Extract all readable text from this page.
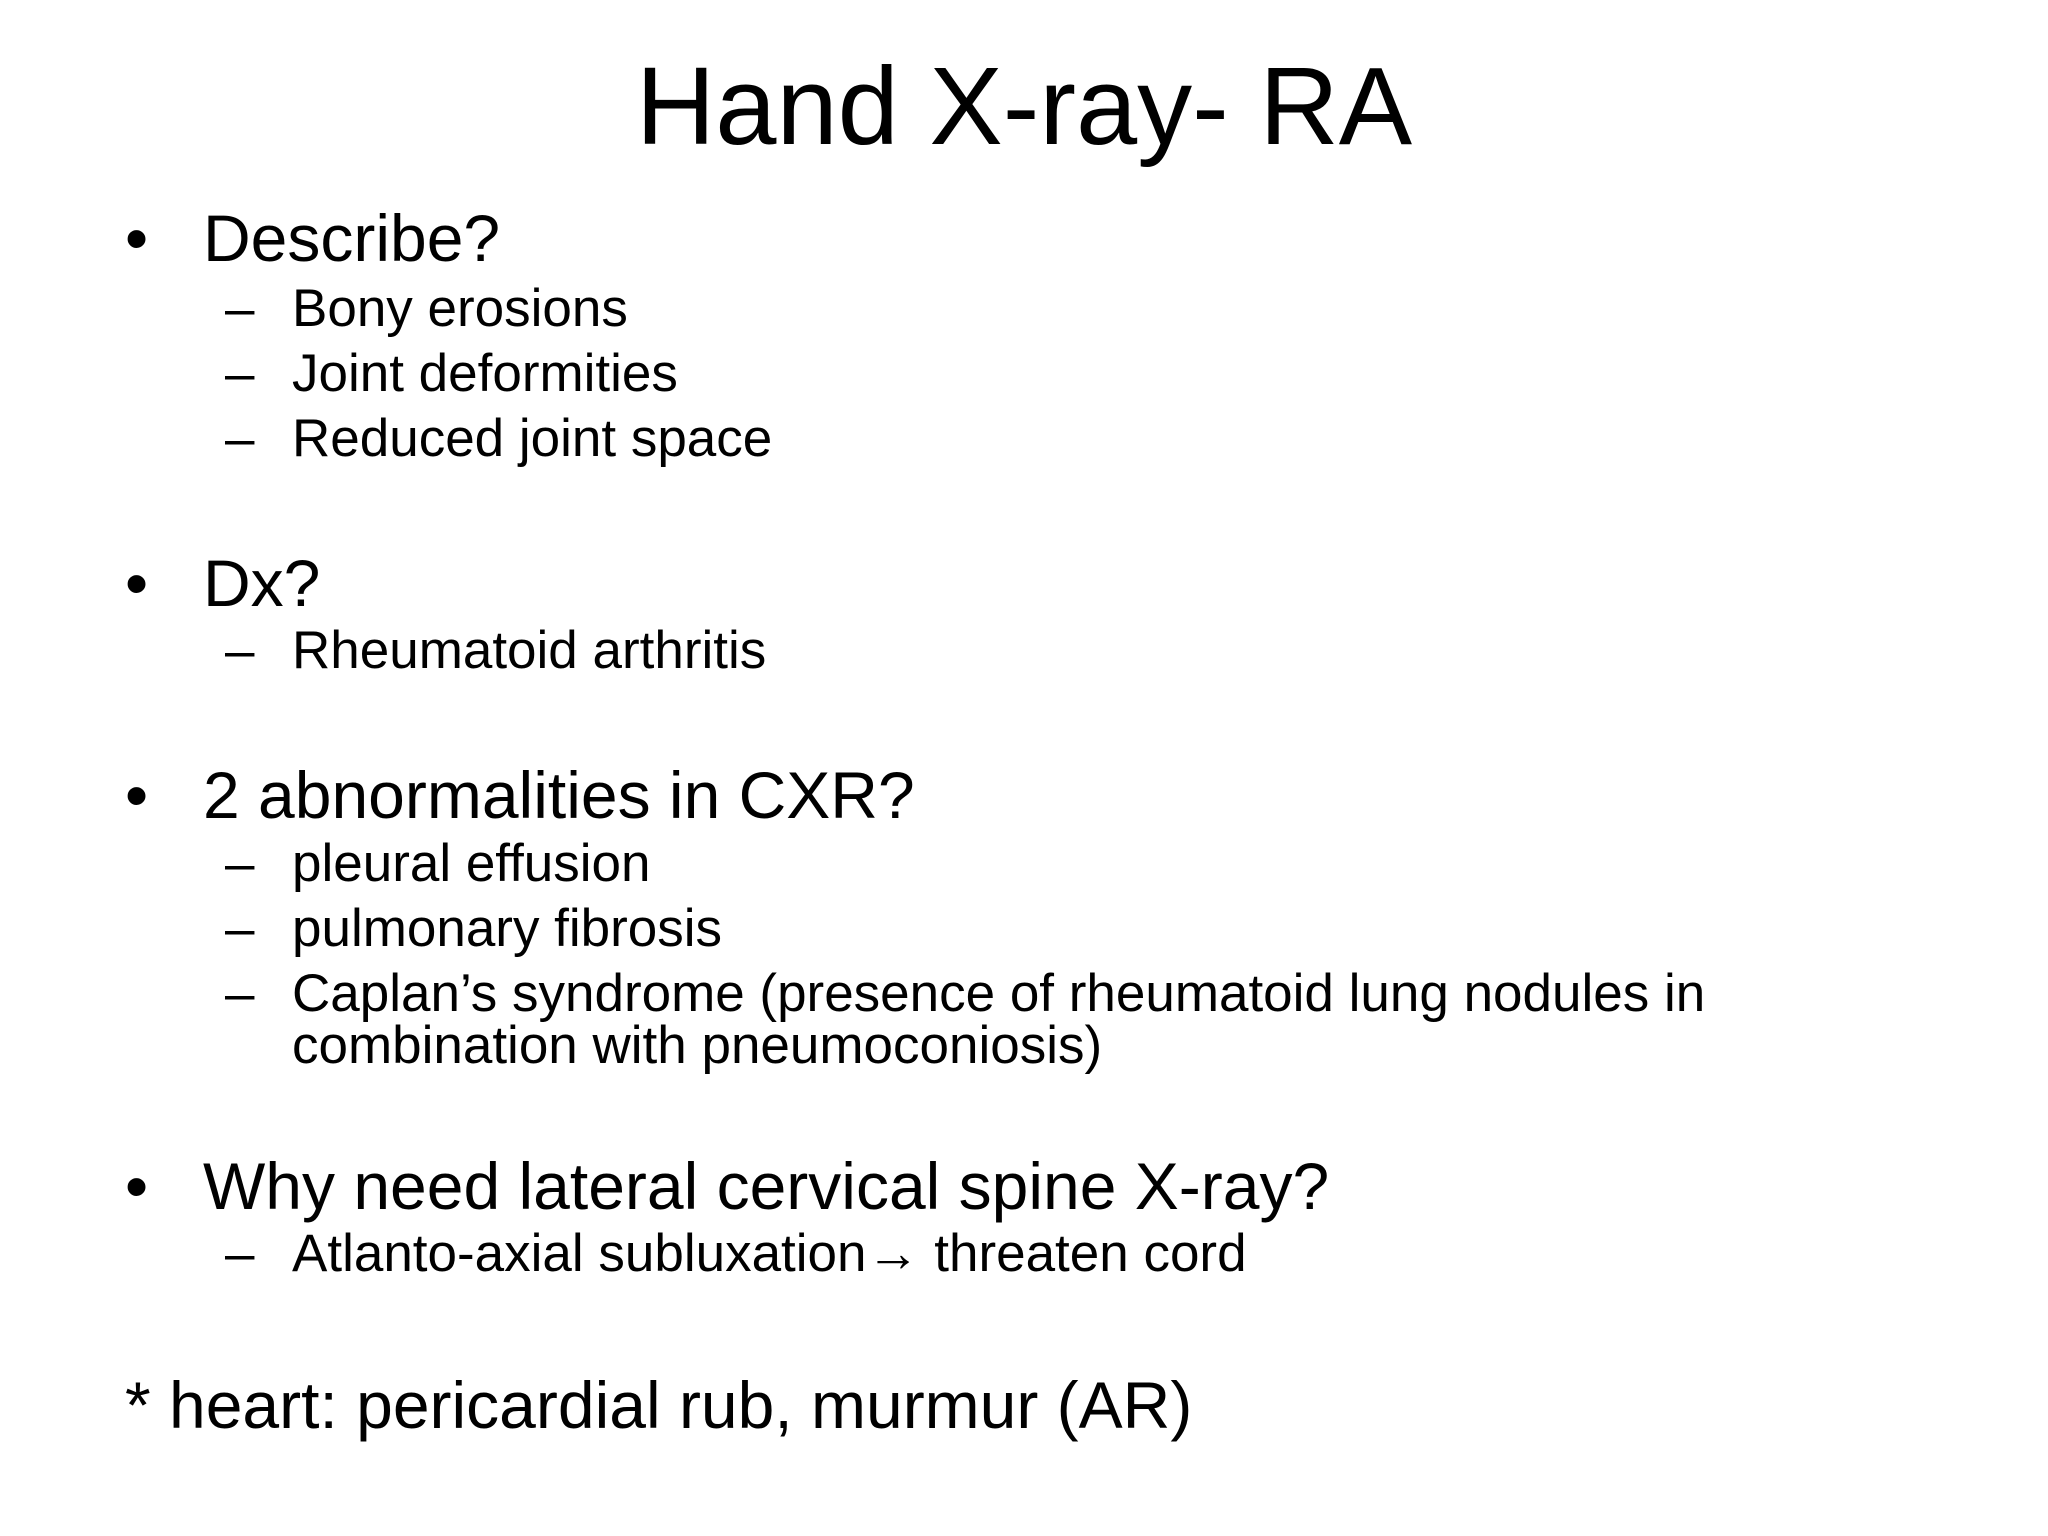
Hand X-ray- RA
• Describe?
– Bony erosions
– Joint deformities
– Reduced joint space
• Dx?
– Rheumatoid arthritis
• 2 abnormalities in CXR?
– pleural effusion
– pulmonary fibrosis
– Caplan’s syndrome (presence of rheumatoid lung nodules in
combination with pneumoconiosis)
• Why need lateral cervical spine X-ray?
– Atlanto-axial subluxation→ threaten cord
* heart: pericardial rub, murmur (AR)
